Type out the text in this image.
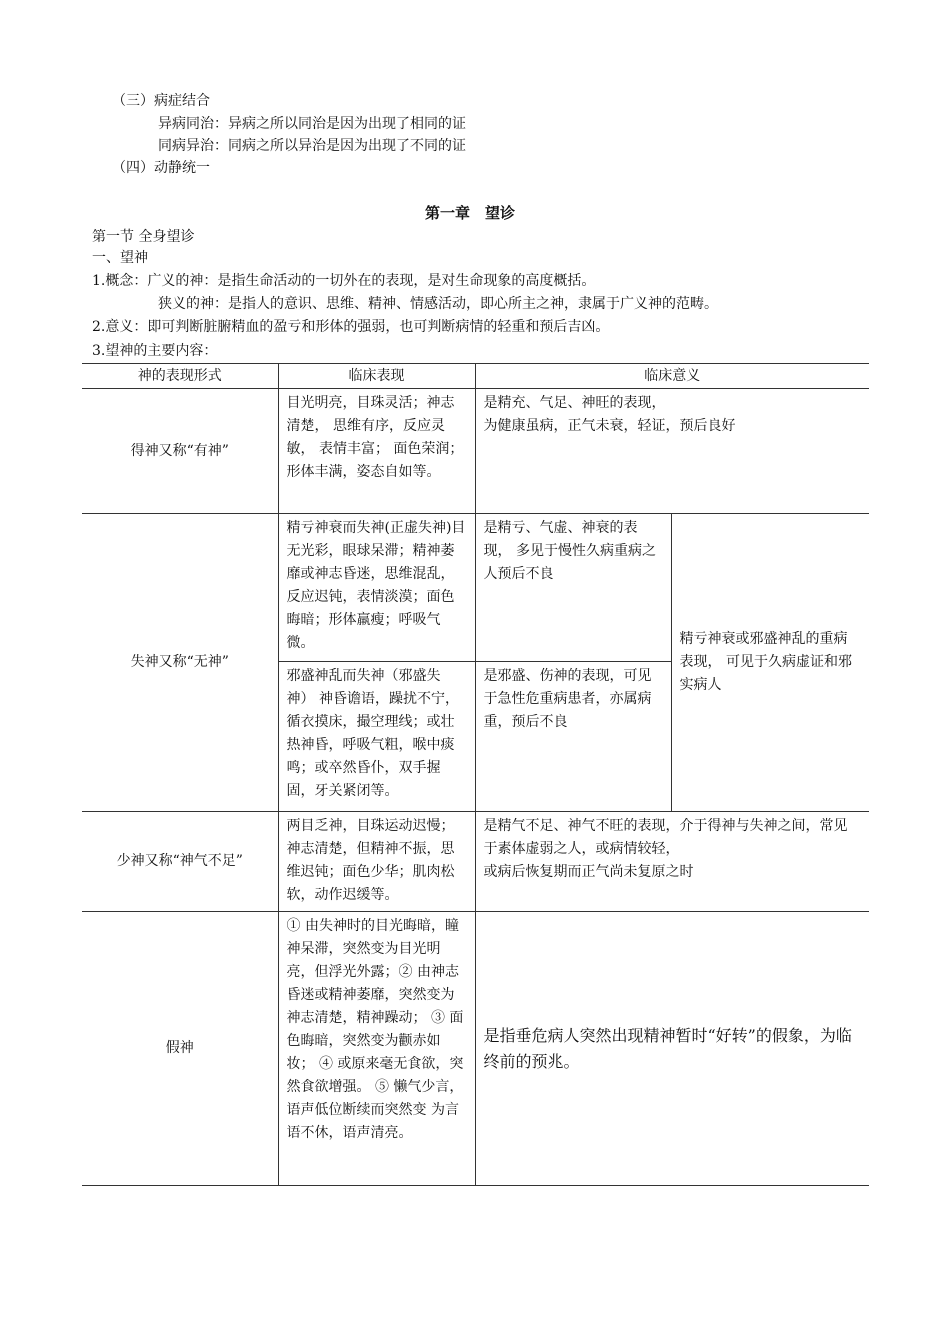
（三）病症结合
异病同治：异病之所以同治是因为出现了相同的证
同病异治：同病之所以异治是因为出现了不同的证
（四）动静统一
第一章　望诊
第一节 全身望诊
一、望神
1.概念：广义的神：是指生命活动的一切外在的表现，是对生命现象的高度概括。
狭义的神：是指人的意识、思维、精神、情感活动，即心所主之神，隶属于广义神的范畴。
2.意义：即可判断脏腑精血的盈亏和形体的强弱，也可判断病情的轻重和预后吉凶。
3.望神的主要内容：
神的表现形式	临床表现	临床意义	
得神又称“有神”	目光明亮，目珠灵活；神志清楚， 思维有序，反应灵敏， 表情丰富； 面色荣润；形体丰满，姿态自如等。	是精充、气足、神旺的表现，
为健康虽病，正气未衰，轻证，预后良好	

失神又称“无神”	精亏神衰而失神(正虚失神)目无光彩，眼球呆滞；精神萎靡或神志昏迷，思维混乱，反应迟钝，表情淡漠；面色晦暗；形体羸瘦；呼吸气微。	是精亏、气虚、神衰的表现， 多见于慢性久病重病之人预后不良	精亏神衰或邪盛神乱的重病表现， 可见于久病虚证和邪实病人
	邪盛神乱而失神（邪盛失神） 神昏谵语，躁扰不宁，循衣摸床，撮空理线；或壮热神昏，呼吸气粗，喉中痰鸣；或卒然昏仆，双手握固，牙关紧闭等。	是邪盛、伤神的表现，可见于急性危重病患者，亦属病重，预后不良	
少神又称“神气不足”	两目乏神，目珠运动迟慢；神志清楚，但精神不振，思维迟钝；面色少华；肌肉松软，动作迟缓等。	是精气不足、神气不旺的表现，介于得神与失神之间，常见于素体虚弱之人，或病情较轻，
或病后恢复期而正气尚未复原之时	

假神	① 由失神时的目光晦暗，瞳神呆滞，突然变为目光明亮，但浮光外露；② 由神志昏迷或精神萎靡，突然变为神志清楚，精神躁动； ③ 面色晦暗，突然变为颧赤如妆； ④ 或原来毫无食欲，突然食欲增强。 ⑤ 懒气少言，语声低位断续而突然变 为言语不休，语声清亮。	是指垂危病人突然出现精神暂时“好转”的假象，为临终前的预兆。	
